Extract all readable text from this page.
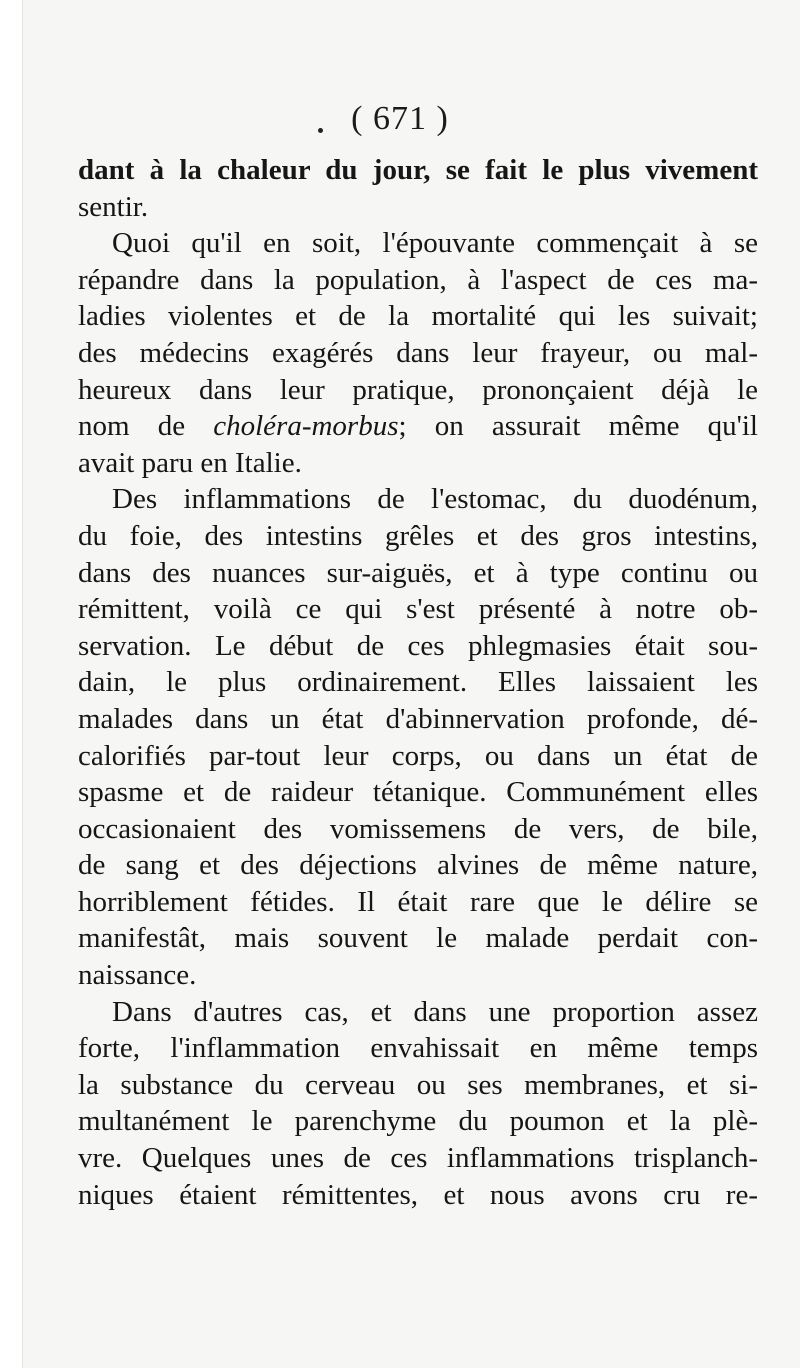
( 671 )
dant à la chaleur du jour, se fait le plus vivement
sentir.
Quoi qu'il en soit, l'épouvante commençait à se
répandre dans la population, à l'aspect de ces ma-
ladies violentes et de la mortalité qui les suivait;
des médecins exagérés dans leur frayeur, ou mal-
heureux dans leur pratique, prononçaient déjà le
nom de choléra-morbus; on assurait même qu'il
avait paru en Italie.
Des inflammations de l'estomac, du duodénum,
du foie, des intestins grêles et des gros intestins,
dans des nuances sur-aiguës, et à type continu ou
rémittent, voilà ce qui s'est présenté à notre ob-
servation. Le début de ces phlegmasies était sou-
dain, le plus ordinairement. Elles laissaient les
malades dans un état d'abinnervation profonde, dé-
calorifiés par-tout leur corps, ou dans un état de
spasme et de raideur tétanique. Communément elles
occasionaient des vomissemens de vers, de bile,
de sang et des déjections alvines de même nature,
horriblement fétides. Il était rare que le délire se
manifestât, mais souvent le malade perdait con-
naissance.
Dans d'autres cas, et dans une proportion assez
forte, l'inflammation envahissait en même temps
la substance du cerveau ou ses membranes, et si-
multanément le parenchyme du poumon et la plè-
vre. Quelques unes de ces inflammations trisplanch-
niques étaient rémittentes, et nous avons cru re-
